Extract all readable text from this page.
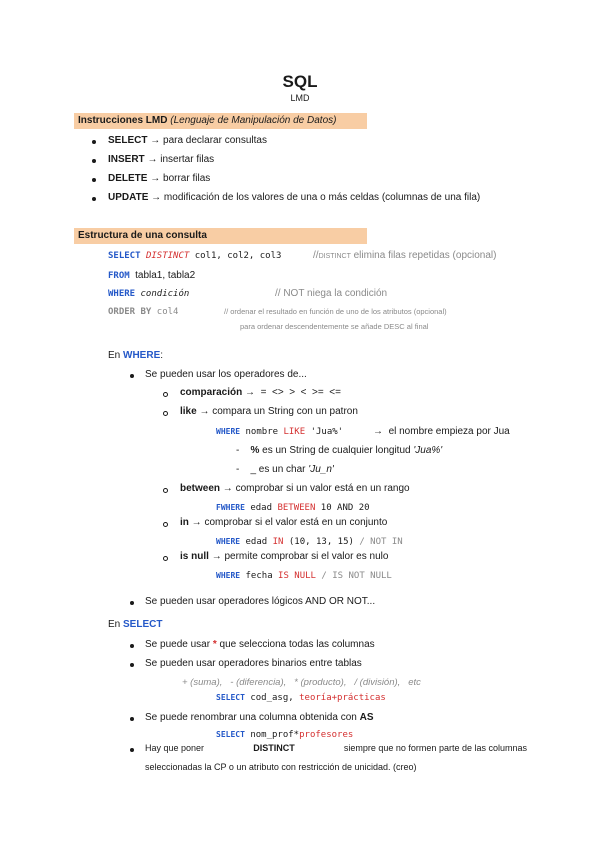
SQL
LMD
Instrucciones LMD (Lenguaje de Manipulación de Datos)
SELECT → para declarar consultas
INSERT → insertar filas
DELETE → borrar filas
UPDATE → modificación de los valores de una o más celdas (columnas de una fila)
Estructura de una consulta
SELECT DISTINCT col1, col2, col3	//DISTINCT elimina filas repetidas (opcional)
FROM tabla1, tabla2
WHERE condición	// NOT niega la condición
ORDER BY col4	// ordenar el resultado en función de uno de los atributos (opcional)
para ordenar descendentemente se añade DESC al final
En WHERE:
Se pueden usar los operadores de...
comparación →  =  <>  >  <  >=  <=
like → compara un String con un patron
WHERE nombre LIKE 'Jua%'	→ el nombre empieza por Jua
-    % es un String de cualquier longitud 'Jua%'
-    _ es un char 'Ju_n'
between → comprobar si un valor está en un rango
FWHERE edad BETWEEN 10 AND 20
in → comprobar si el valor está en un conjunto
WHERE edad IN (10, 13, 15) / NOT IN
is null → permite comprobar si el valor es nulo
WHERE fecha IS NULL / IS NOT NULL
Se pueden usar operadores lógicos AND OR NOT...
En SELECT
Se puede usar * que selecciona todas las columnas
Se pueden usar operadores binarios entre tablas
+ (suma),   - (diferencia),   * (producto),   / (división),   etc
SELECT cod_asg, teoría+prácticas
Se puede renombrar una columna obtenida con AS
SELECT nom_prof*profesores
Hay que poner	DISTINCT	siempre que no formen parte de las columnas
seleccionadas la CP o un atributo con restricción de unicidad. (creo)
